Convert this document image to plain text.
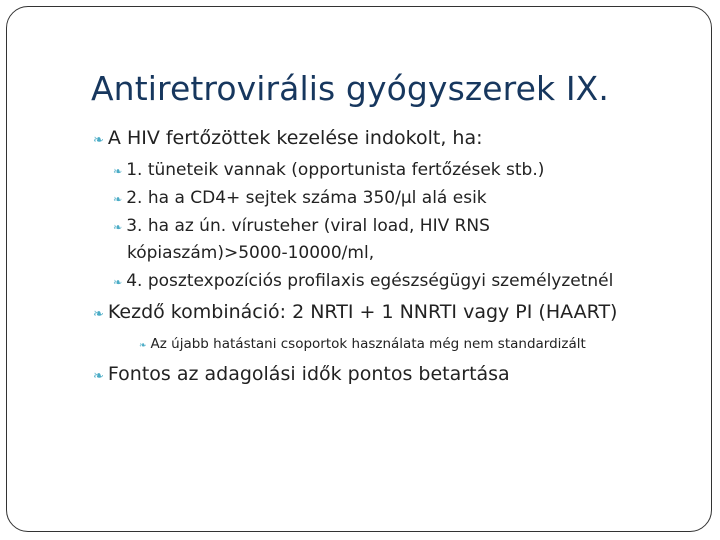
Antiretrovirális gyógyszerek IX.
❧ A HIV fertőzöttek kezelése indokolt, ha:
❧ 1. tüneteik vannak (opportunista fertőzések stb.)
❧ 2. ha a CD4+ sejtek száma 350/µl alá esik
❧ 3. ha az ún. vírusteher (viral load, HIV RNS
kópiaszám)>5000-10000/ml,
❧ 4. posztexpozíciós profilaxis egészségügyi személyzetnél
❧ Kezdő kombináció: 2 NRTI + 1 NNRTI vagy PI (HAART)
❧ Az újabb hatástani csoportok használata még nem standardizált
❧ Fontos az adagolási idők pontos betartása
